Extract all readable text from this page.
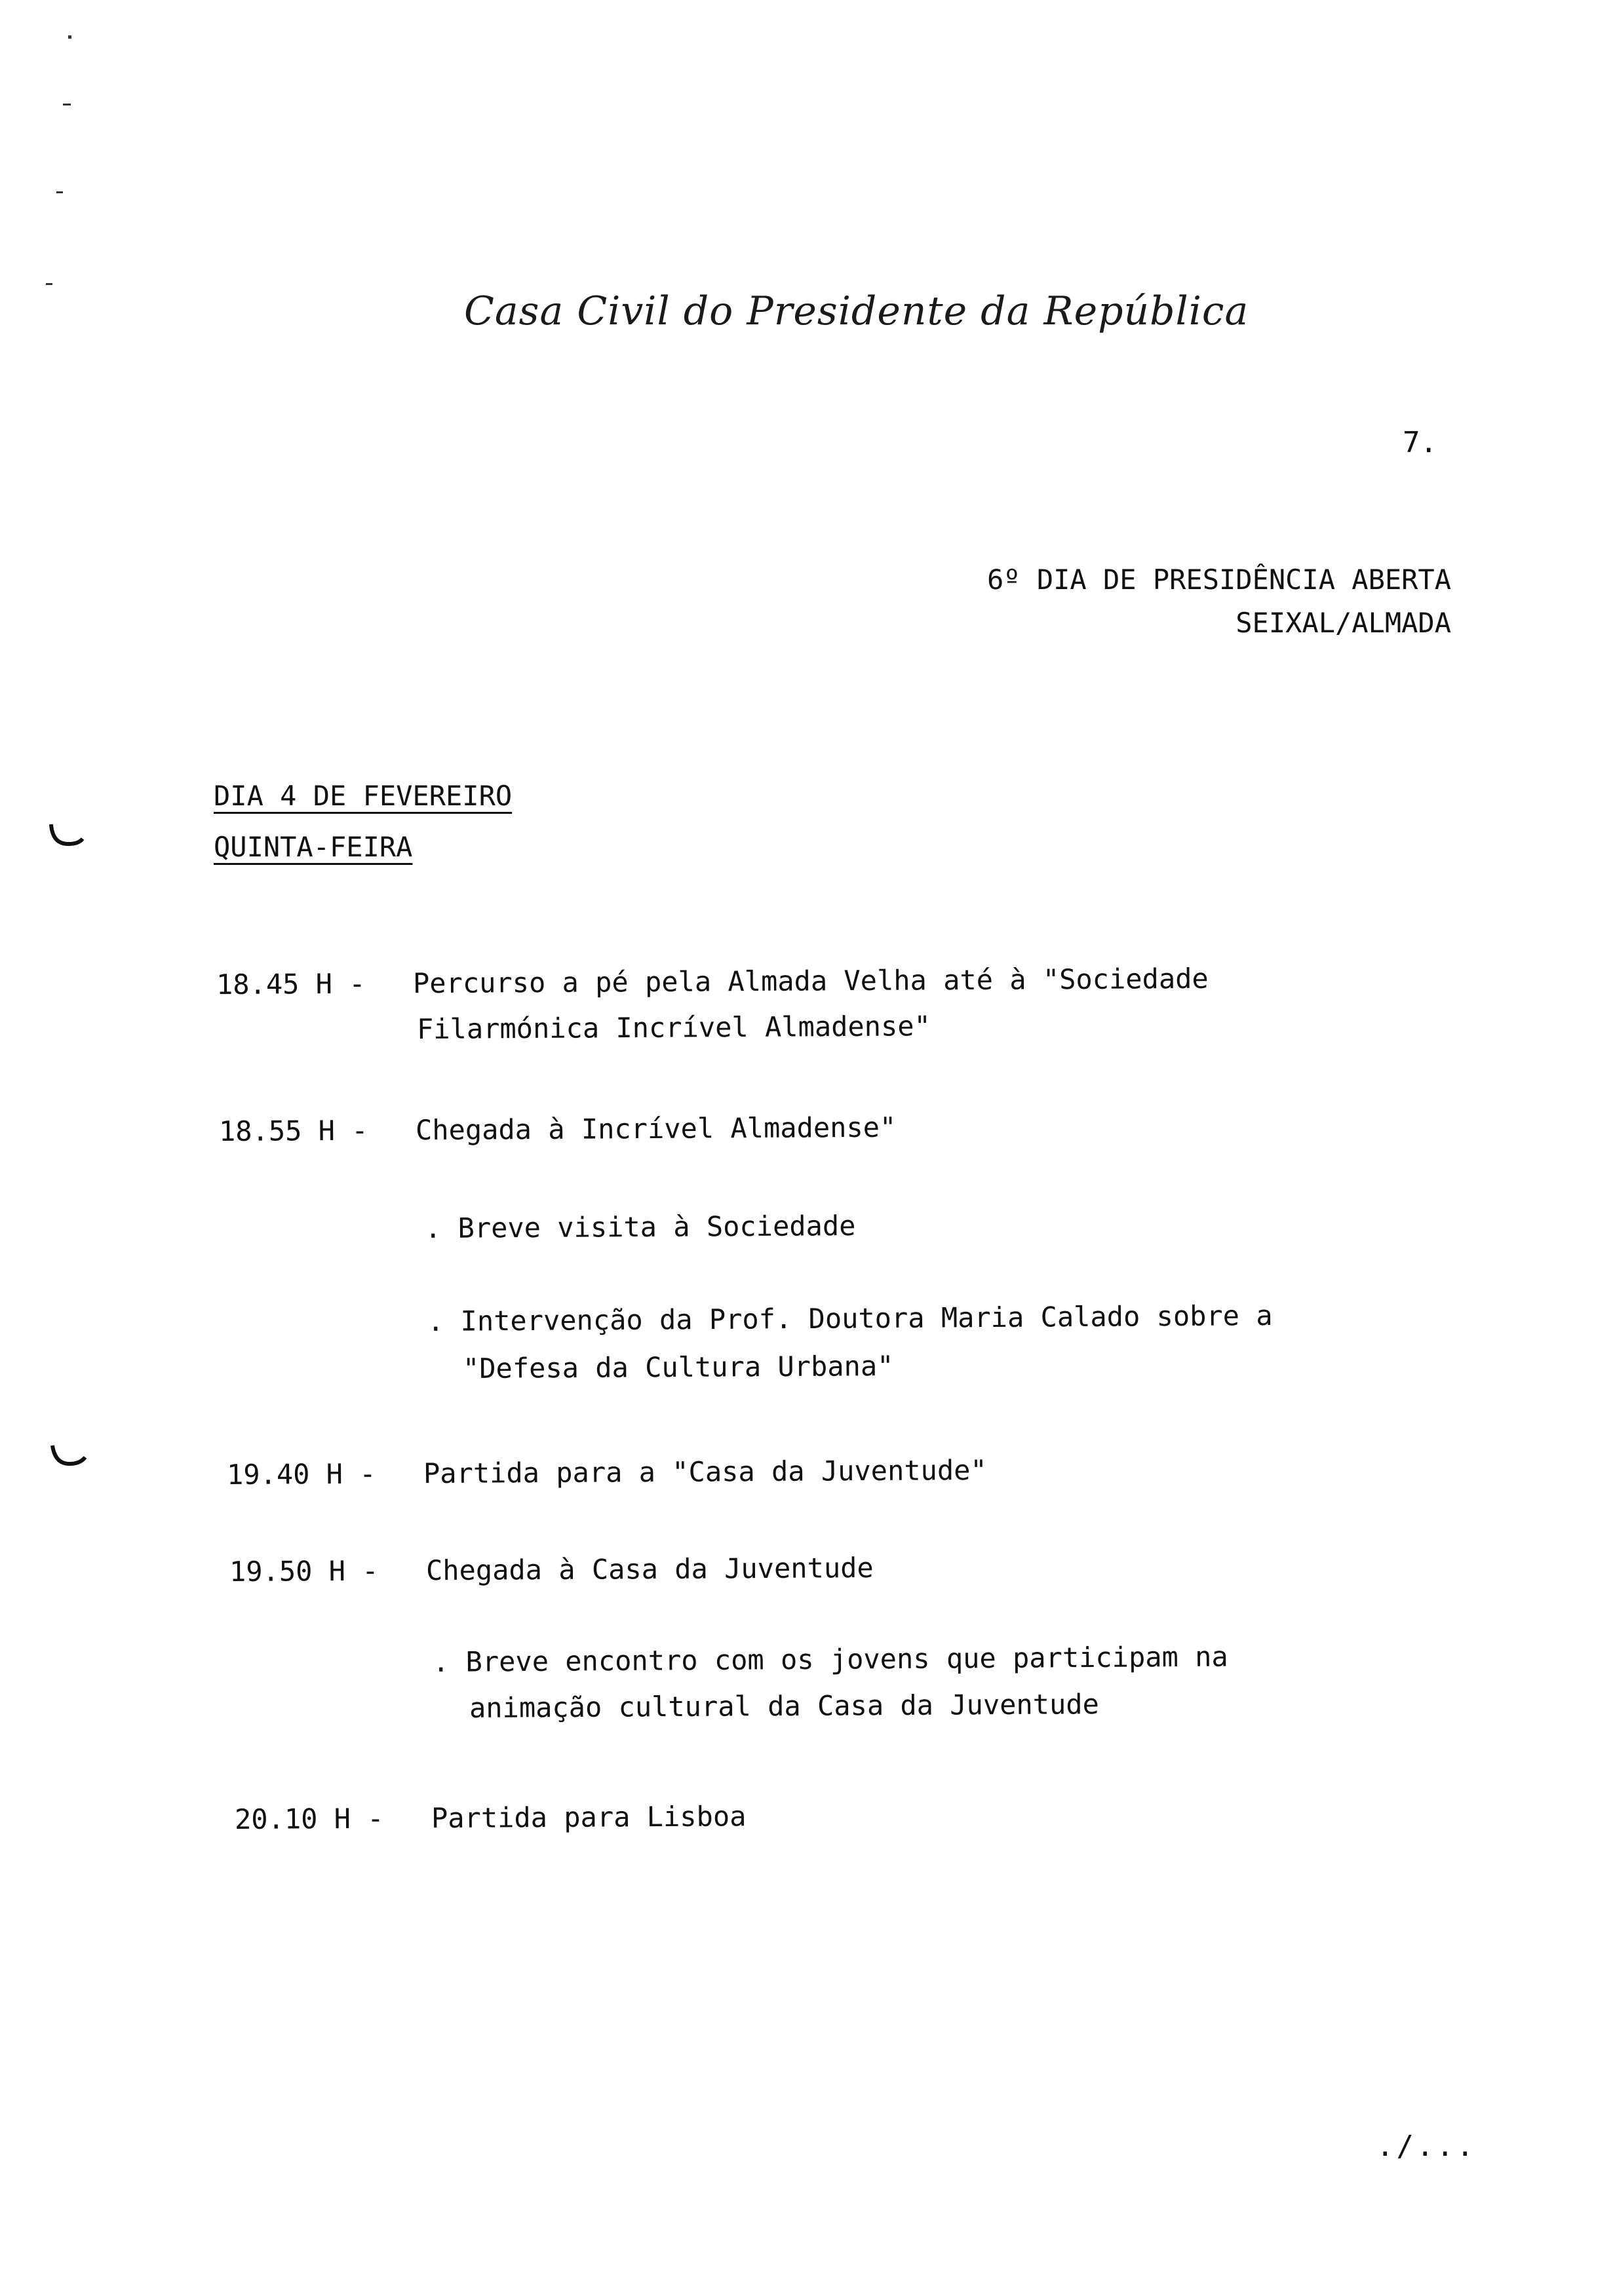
Casa Civil do Presidente da República
7.
6º DIA DE PRESIDÊNCIA ABERTA
SEIXAL/ALMADA
DIA 4 DE FEVEREIRO
QUINTA-FEIRA
18.45 H - Percurso a pé pela Almada Velha até à "Sociedade
Filarmónica Incrível Almadense"
18.55 H - Chegada à Incrível Almadense"
. Breve visita à Sociedade
. Intervenção da Prof. Doutora Maria Calado sobre a
"Defesa da Cultura Urbana"
19.40 H - Partida para a "Casa da Juventude"
19.50 H - Chegada à Casa da Juventude
. Breve encontro com os jovens que participam na
animação cultural da Casa da Juventude
20.10 H - Partida para Lisboa
./...
